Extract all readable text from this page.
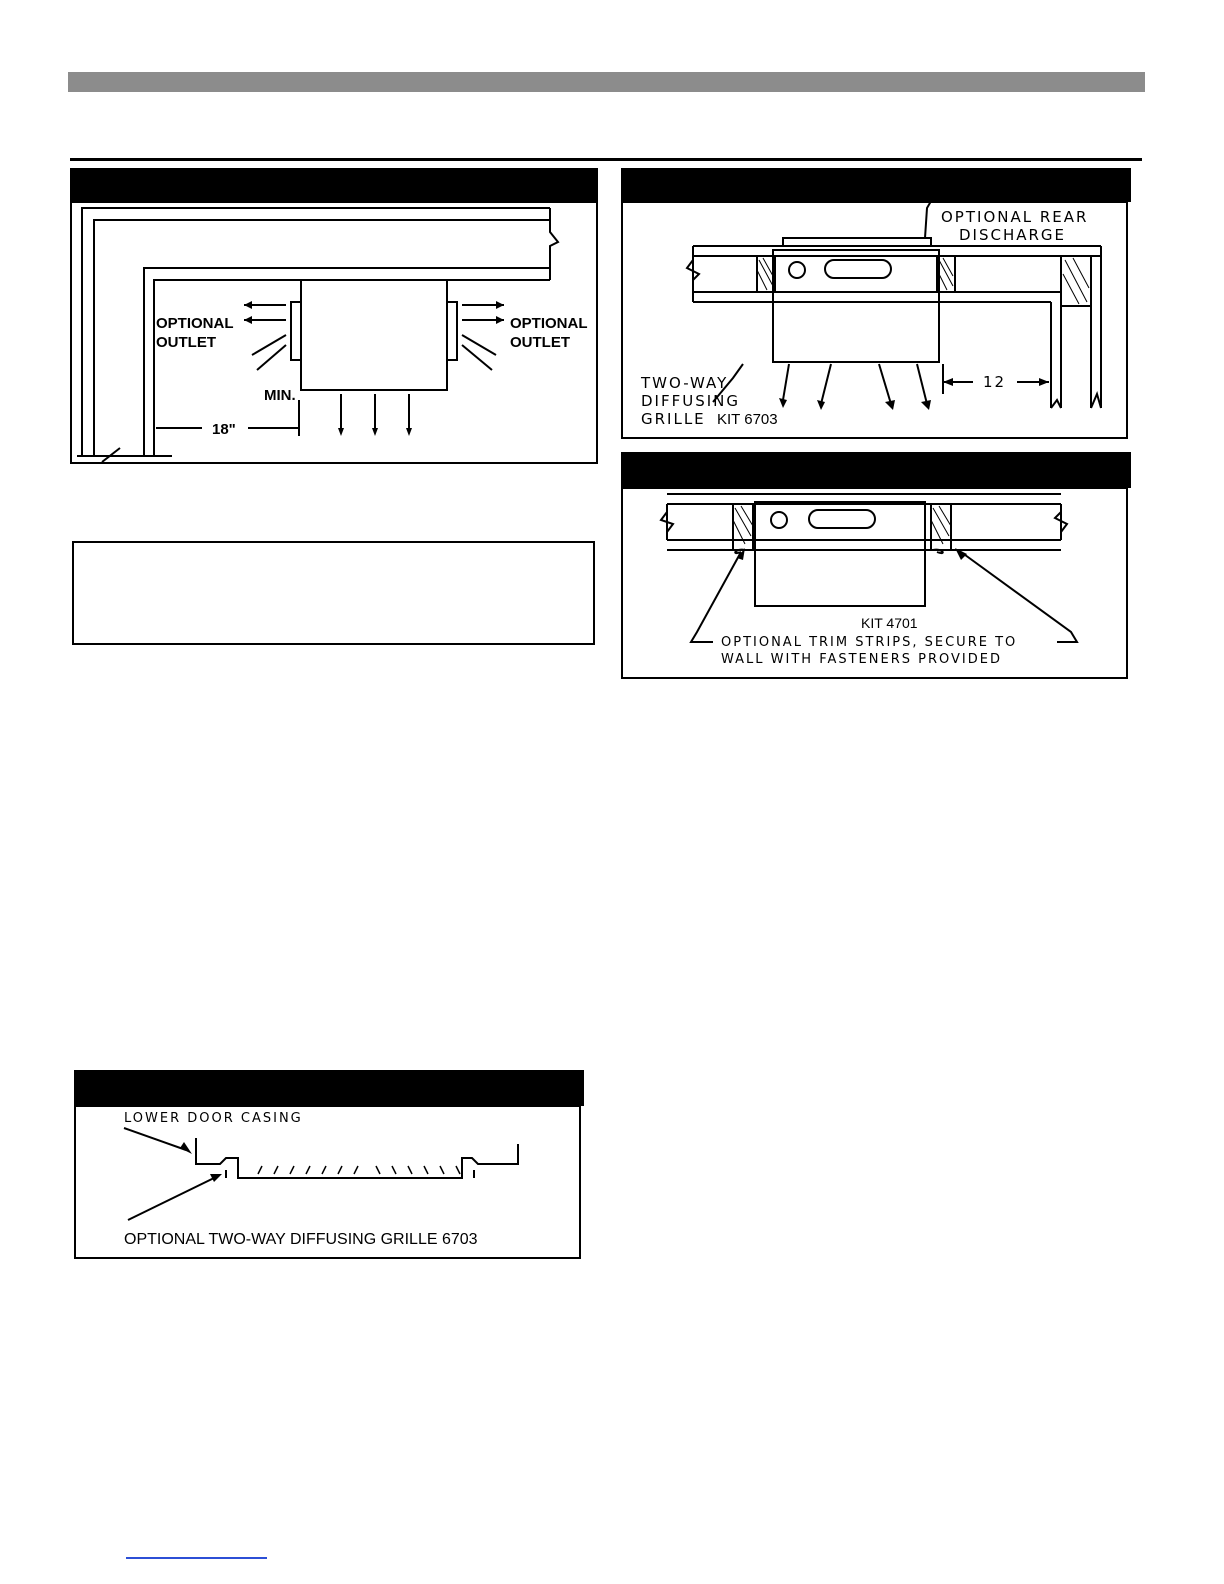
OPTIONAL
OUTLET
OPTIONAL
OUTLET
MIN.
18"
OPTIONAL REAR
DISCHARGE
TWO-WAY
DIFFUSING
GRILLE KIT 6703
12
KIT 4701
OPTIONAL TRIM STRIPS, SECURE TO
WALL WITH FASTENERS PROVIDED
LOWER DOOR CASING
OPTIONAL TWO-WAY DIFFUSING GRILLE 6703
